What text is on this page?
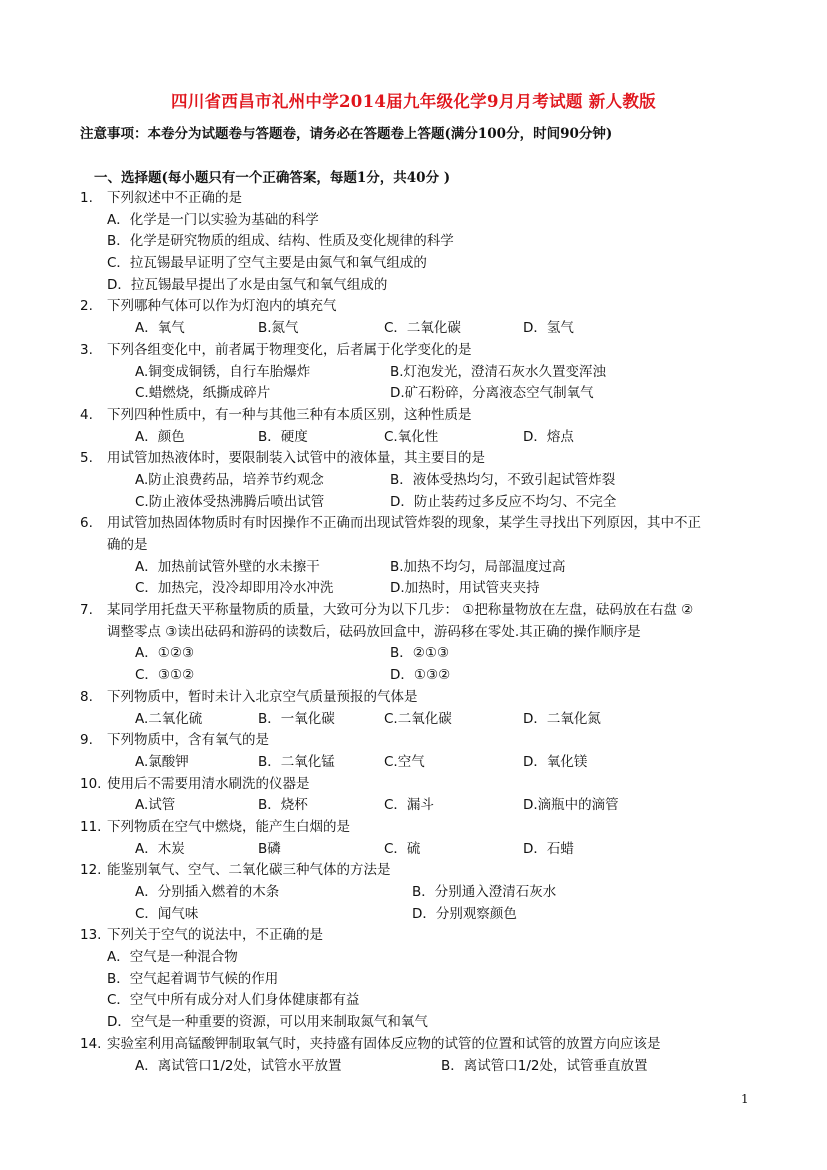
四川省西昌市礼州中学2014届九年级化学9月月考试题 新人教版
注意事项：本卷分为试题卷与答题卷，请务必在答题卷上答题(满分100分，时间90分钟)
一、选择题(每小题只有一个正确答案，每题1分，共40分 )
1. 下列叙述中不正确的是
A．化学是一门以实验为基础的科学
B．化学是研究物质的组成、结构、性质及变化规律的科学
C．拉瓦锡最早证明了空气主要是由氮气和氧气组成的
D．拉瓦锡最早提出了水是由氢气和氧气组成的
2. 下列哪种气体可以作为灯泡内的填充气
A．氧气	B.氮气	C．二氧化碳	D．氢气
3. 下列各组变化中，前者属于物理变化，后者属于化学变化的是
A.铜变成铜锈，自行车胎爆炸	B.灯泡发光，澄清石灰水久置变浑浊
C.蜡燃烧，纸撕成碎片	D.矿石粉碎，分离液态空气制氧气
4. 下列四种性质中，有一种与其他三种有本质区别，这种性质是
A．颜色	B．硬度	C.氧化性	D．熔点
5. 用试管加热液体时，要限制装入试管中的液体量，其主要目的是
A.防止浪费药品，培养节约观念	B．液体受热均匀，不致引起试管炸裂
C.防止液体受热沸腾后喷出试管	D．防止装药过多反应不均匀、不完全
6. 用试管加热固体物质时有时因操作不正确而出现试管炸裂的现象，某学生寻找出下列原因，其中不正
确的是
A．加热前试管外壁的水未擦干	B.加热不均匀，局部温度过高
C．加热完，没冷却即用冷水冲洗	D.加热时，用试管夹夹持
7. 某同学用托盘天平称量物质的质量，大致可分为以下几步： ①把称量物放在左盘，砝码放在右盘 ②
调整零点 ③读出砝码和游码的读数后，砝码放回盒中，游码移在零处.其正确的操作顺序是
A．①②③	B．②①③
C．③①②	D．①③②
8. 下列物质中，暂时未计入北京空气质量预报的气体是
A.二氧化硫	B．一氧化碳	C.二氧化碳	D．二氧化氮
9. 下列物质中，含有氧气的是
A.氯酸钾	B．二氧化锰	C.空气	D．氧化镁
10. 使用后不需要用清水刷洗的仪器是
A.试管	B．烧杯	C．漏斗	D.滴瓶中的滴管
11. 下列物质在空气中燃烧，能产生白烟的是
A．木炭	B磷	C．硫	D．石蜡
12. 能鉴别氧气、空气、二氧化碳三种气体的方法是
A．分别插入燃着的木条	B．分别通入澄清石灰水
C．闻气味	D．分别观察颜色
13. 下列关于空气的说法中，不正确的是
A．空气是一种混合物
B．空气起着调节气候的作用
C．空气中所有成分对人们身体健康都有益
D．空气是一种重要的资源，可以用来制取氮气和氧气
14. 实验室利用高锰酸钾制取氧气时，夹持盛有固体反应物的试管的位置和试管的放置方向应该是
A．离试管口1/2处，试管水平放置	B．离试管口1/2处，试管垂直放置
1
